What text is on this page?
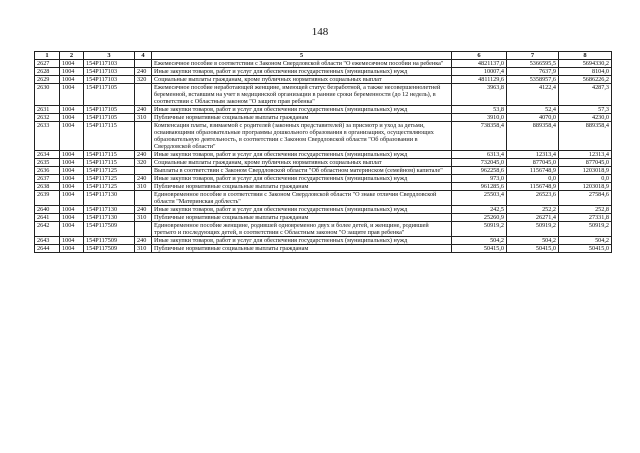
148
1	2	3	4	5	6	7	8
2627	1004	154P117103		Ежемесячное пособие в соответствии с Законом Свердловской области "О ежемесячном пособии на ребенка"	4821137,0	5366595,5	5694330,2
2628	1004	154P117103	240	Иные закупки товаров, работ и услуг для обеспечения государственных (муниципальных) нужд	10007,4	7637,9	8104,0
2629	1004	154P117103	320	Социальные выплаты гражданам, кроме публичных нормативных социальных выплат	4811129,6	5358957,6	5686226,2
2630	1004	154P117105		Ежемесячное пособие неработающей женщине, имеющей статус безработной, а также несовершеннолетней беременной, вставшим на учет в медицинской организации в ранние сроки беременности (до 12 недель), в соответствии с Областным законом "О защите прав ребенка"	3963,8	4122,4	4287,3
2631	1004	154P117105	240	Иные закупки товаров, работ и услуг для обеспечения государственных (муниципальных) нужд	53,8	52,4	57,3
2632	1004	154P117105	310	Публичные нормативные социальные выплаты гражданам	3910,0	4070,0	4230,0
2633	1004	154P117115		Компенсация платы, взимаемой с родителей (законных представителей) за присмотр и уход за детьми, осваивающими образовательные программы дошкольного образования в организациях, осуществляющих образовательную деятельность, в соответствии с Законом Свердловской области "Об образовании в Свердловской области"	738358,4	889358,4	889358,4
2634	1004	154P117115	240	Иные закупки товаров, работ и услуг для обеспечения государственных (муниципальных) нужд	6313,4	12313,4	12313,4
2635	1004	154P117115	320	Социальные выплаты гражданам, кроме публичных нормативных социальных выплат	732045,0	877045,0	877045,0
2636	1004	154P117125		Выплаты в соответствии с Законом Свердловской области "Об областном материнском (семейном) капитале"	962258,6	1156748,9	1203018,9
2637	1004	154P117125	240	Иные закупки товаров, работ и услуг для обеспечения государственных (муниципальных) нужд	973,0	0,0	0,0
2638	1004	154P117125	310	Публичные нормативные социальные выплаты гражданам	961285,6	1156748,9	1203018,9
2639	1004	154P117130		Единовременное пособие в соответствии с Законом Свердловской области "О знаке отличия Свердловской области "Материнская доблесть"	25503,4	26523,6	27584,6
2640	1004	154P117130	240	Иные закупки товаров, работ и услуг для обеспечения государственных (муниципальных) нужд	242,5	252,2	252,8
2641	1004	154P117130	310	Публичные нормативные социальные выплаты гражданам	25260,9	26271,4	27331,8
2642	1004	154P117509		Единовременное пособие женщине, родившей одновременно двух и более детей, и женщине, родившей третьего и последующих детей, в соответствии с Областным законом "О защите прав ребенка"	50919,2	50919,2	50919,2
2643	1004	154P117509	240	Иные закупки товаров, работ и услуг для обеспечения государственных (муниципальных) нужд	504,2	504,2	504,2
2644	1004	154P117509	310	Публичные нормативные социальные выплаты гражданам	50415,0	50415,0	50415,0
